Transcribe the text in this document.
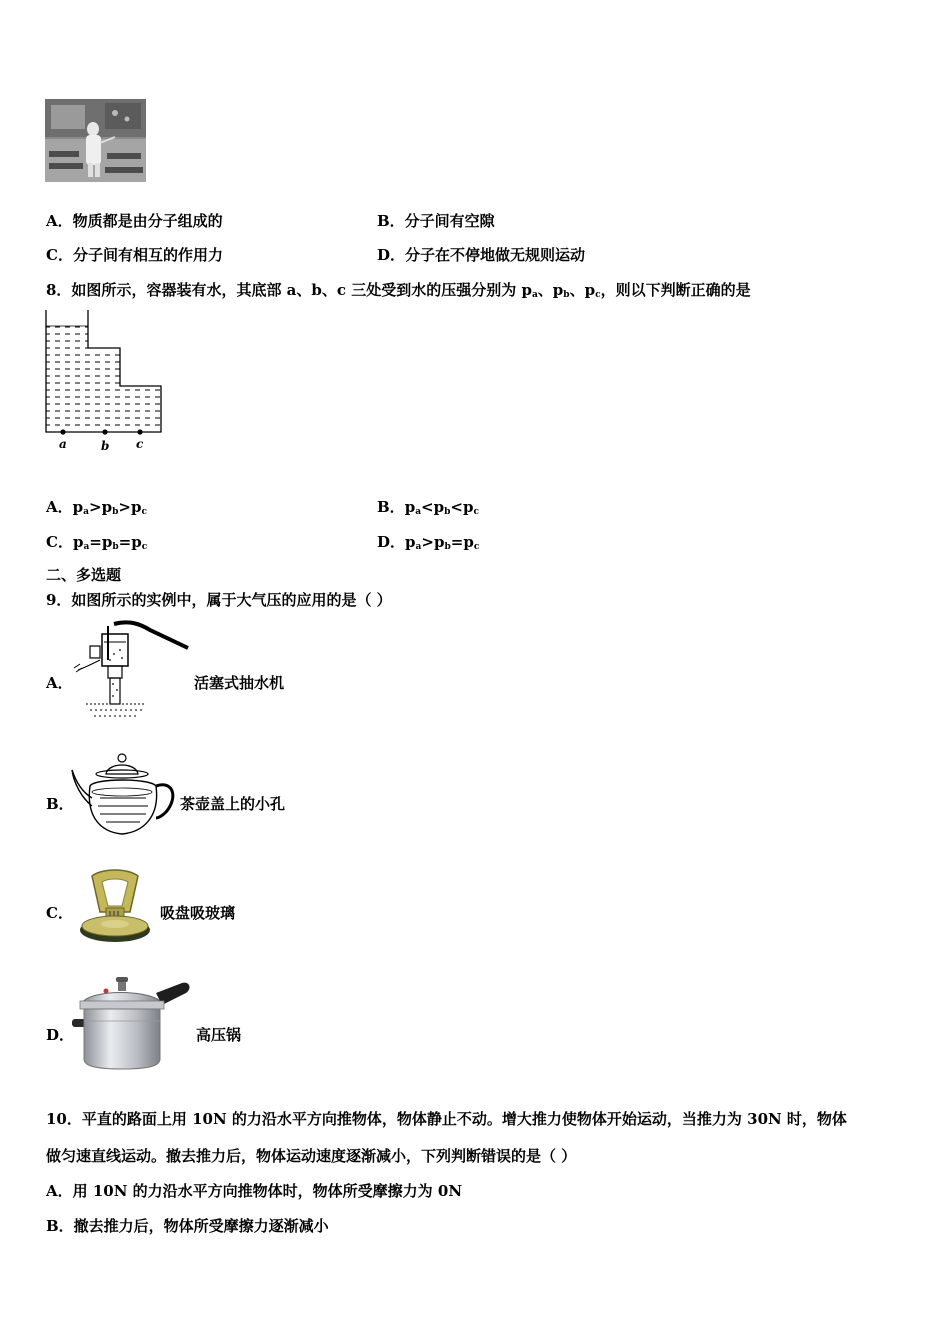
A．物质都是由分子组成的	B．分子间有空隙
C．分子间有相互的作用力	D．分子在不停地做无规则运动
8．如图所示，容器装有水，其底部 a、b、c 三处受到水的压强分别为 $p_a$、$p_b$、$p_c$，则以下判断正确的是
a	b c
A．$p_a>p_b>p_c$	B．$p_a<p_b<p_c$
C．$p_a=p_b=p_c$	D．$p_a>p_b=p_c$
二、多选题
9．如图所示的实例中，属于大气压的应用的是（ ）
A．	活塞式抽水机
B．	茶壶盖上的小孔
C．	吸盘吸玻璃
D．	高压锅
10．平直的路面上用 10N 的力沿水平方向推物体，物体静止不动。增大推力使物体开始运动，当推力为 30N 时，物体
做匀速直线运动。撤去推力后，物体运动速度逐渐减小，下列判断错误的是（ ）
A．用 10N 的力沿水平方向推物体时，物体所受摩擦力为 0N
B．撤去推力后，物体所受摩擦力逐渐减小
